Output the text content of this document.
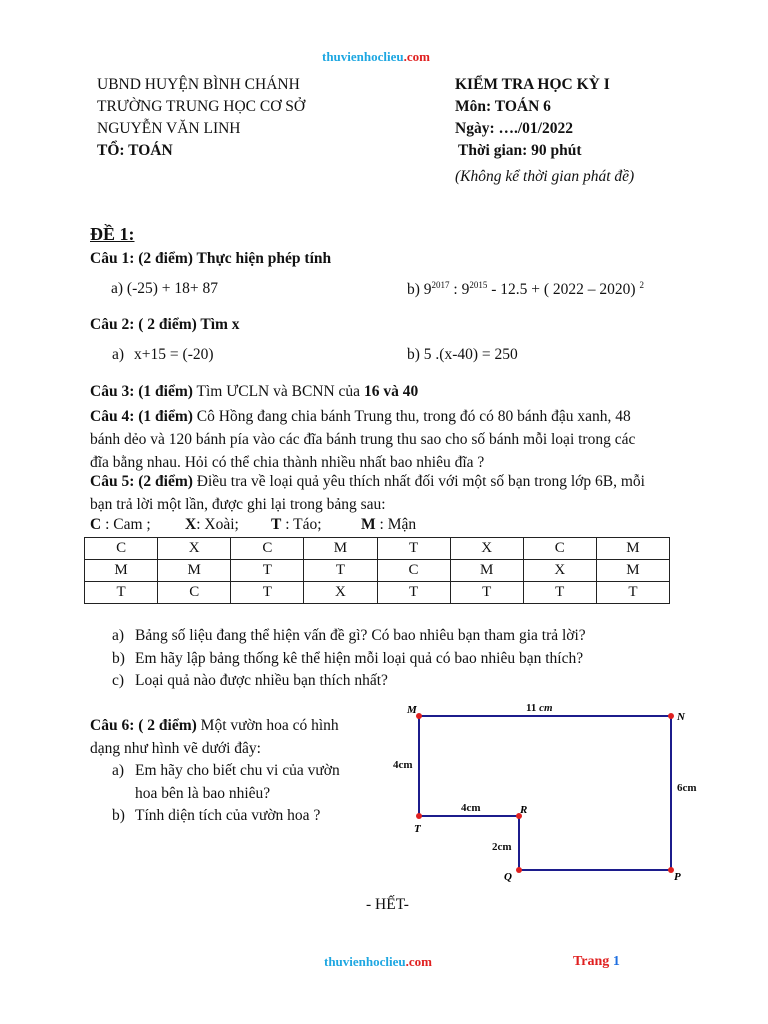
thuvienhoclieu.com
UBND HUYỆN BÌNH CHÁNH
TRƯỜNG TRUNG HỌC CƠ SỞ
NGUYỄN VĂN LINH
TỔ: TOÁN
KIỂM TRA HỌC KỲ I
Môn: TOÁN 6
Ngày: …./01/2022
Thời gian: 90 phút
(Không kể thời gian phát đề)
ĐỀ 1:
Câu 1: (2 điểm) Thực hiện phép tính
a) (-25) + 18+ 87	b) $9^{2017}$ : $9^{2015} - 12.5$ + ( 2022 – 2020) $^2$
Câu 2: ( 2 điểm) Tìm x
a) x+15 = (-20)	b) 5 .(x-40) = 250
Câu 3: (1 điểm) Tìm ƯCLN và BCNN của 16 và 40
Câu 4: (1 điểm) Cô Hồng đang chia bánh Trung thu, trong đó có 80 bánh đậu xanh, 48
bánh dẻo và 120 bánh pía vào các đĩa bánh trung thu sao cho số bánh mỗi loại trong các
đĩa bằng nhau. Hỏi có thể chia thành nhiều nhất bao nhiêu đĩa ?
Câu 5: (2 điểm) Điều tra về loại quả yêu thích nhất đối với một số bạn trong lớp 6B, mỗi
bạn trả lời một lần, được ghi lại trong bảng sau:
C : Cam ; X: Xoài; T : Táo;	M : Mận
C	X	C	M	T	X	C	M
M	M	T	T	C	M	X	M
T	C	T	X	T	T	T	T
a) Bảng số liệu đang thể hiện vấn đề gì? Có bao nhiêu bạn tham gia trả lời?
b) Em hãy lập bảng thống kê thể hiện mỗi loại quả có bao nhiêu bạn thích?
c) Loại quả nào được nhiều bạn thích nhất?
Câu 6: ( 2 điểm) Một vườn hoa có hình
dạng như hình vẽ dưới đây:
a) Em hãy cho biết chu vi của vườn
hoa bên là bao nhiêu?
b) Tính diện tích của vườn hoa ?
M
N
P
Q
R
T
11 cm
4cm
6cm
4cm
2cm
- HẾT-
thuvienhoclieu.com	Trang 1
